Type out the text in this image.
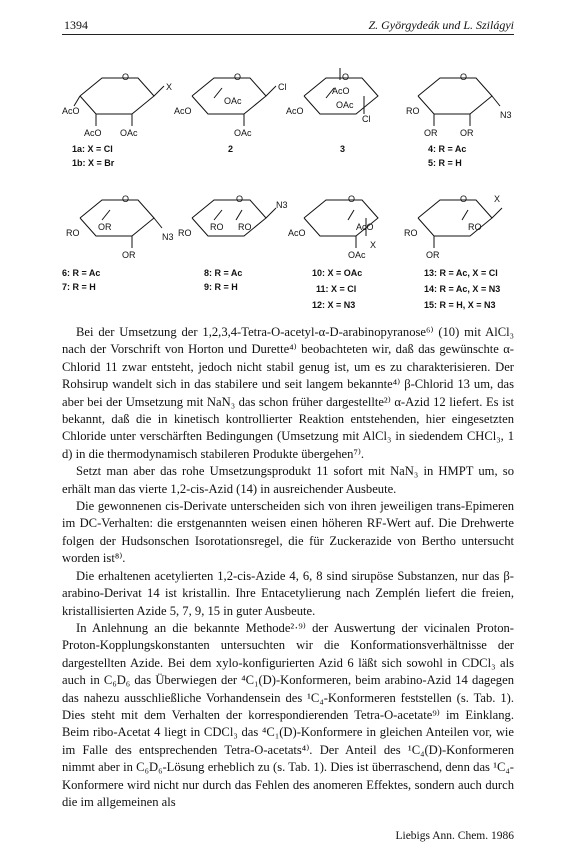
1394	Z. Györgydeák und L. Szilágyi
O
X
AcO
AcO OAc
O
Cl
OAc
AcO
OAc
O
AcO
OAc
AcO
Cl
O
RO	N3
OR	OR
1a: X = Cl
1b: X = Br
2	3	4: R = Ac
5: R = H
O
OR
RO	N3
OR
O
N3
RO RO
RO
O
AcO
AcO
X
OAc
O	X
RO
RO
OR
6: R = Ac
7: R = H
8: R = Ac
9: R = H
10: X = OAc
11: X = Cl
12: X = N3
13: R = Ac, X = Cl
14: R = Ac, X = N3
15: R = H, X = N3

Bei der Umsetzung der 1,2,3,4-Tetra-O-acetyl-α-D-arabinopyranose⁶⁾ (10) mit AlCl₃ nach der Vorschrift von Horton und Durette⁴⁾ beobachteten wir, daß das gewünschte α-Chlorid 11 zwar entsteht, jedoch nicht stabil genug ist, um es zu charakterisieren. Der Rohsirup wandelt sich in das stabilere und seit langem bekannte⁴⁾ β-Chlorid 13 um, das aber bei der Umsetzung mit NaN₃ das schon früher dargestellte²⁾ α-Azid 12 liefert. Es ist bekannt, daß die in kinetisch kontrollierter Reaktion entstehenden, hier eingesetzten Chloride unter verschärften Bedingungen (Umsetzung mit AlCl₃ in siedendem CHCl₃, 1 d) in die thermodynamisch stabileren Produkte übergehen⁷⁾.

Setzt man aber das rohe Umsetzungsprodukt 11 sofort mit NaN₃ in HMPT um, so erhält man das vierte 1,2-cis-Azid (14) in ausreichender Ausbeute.

Die gewonnenen cis-Derivate unterscheiden sich von ihren jeweiligen trans-Epimeren im DC-Verhalten: die erstgenannten weisen einen höheren RF-Wert auf. Die Drehwerte folgen der Hudsonschen Isorotationsregel, die für Zuckerazide von Bertho untersucht worden ist⁸⁾.

Die erhaltenen acetylierten 1,2-cis-Azide 4, 6, 8 sind sirupöse Substanzen, nur das β-arabino-Derivat 14 ist kristallin. Ihre Entacetylierung nach Zemplén liefert die freien, kristallisierten Azide 5, 7, 9, 15 in guter Ausbeute.

In Anlehnung an die bekannte Methode²·⁹⁾ der Auswertung der vicinalen Proton-Proton-Kopplungskonstanten untersuchten wir die Konformationsverhältnisse der dargestellten Azide. Bei dem xylo-konfigurierten Azid 6 läßt sich sowohl in CDCl₃ als auch in C₆D₆ das Überwiegen der ⁴C₁(D)-Konformeren, beim arabino-Azid 14 dagegen das nahezu ausschließliche Vorhandensein des ¹C₄-Konformeren feststellen (s. Tab. 1). Dies steht mit dem Verhalten der korrespondierenden Tetra-O-acetate⁹⁾ im Einklang. Beim ribo-Acetat 4 liegt in CDCl₃ das ⁴C₁(D)-Konformere in gleichen Anteilen vor, wie im Falle des entsprechenden Tetra-O-acetats⁴⁾. Der Anteil des ¹C₄(D)-Konformeren nimmt aber in C₆D₆-Lösung erheblich zu (s. Tab. 1). Dies ist überraschend, denn das ¹C₄-Konformere wird nicht nur durch das Fehlen des anomeren Effektes, sondern auch durch die im allgemeinen als

Liebigs Ann. Chem. 1986
